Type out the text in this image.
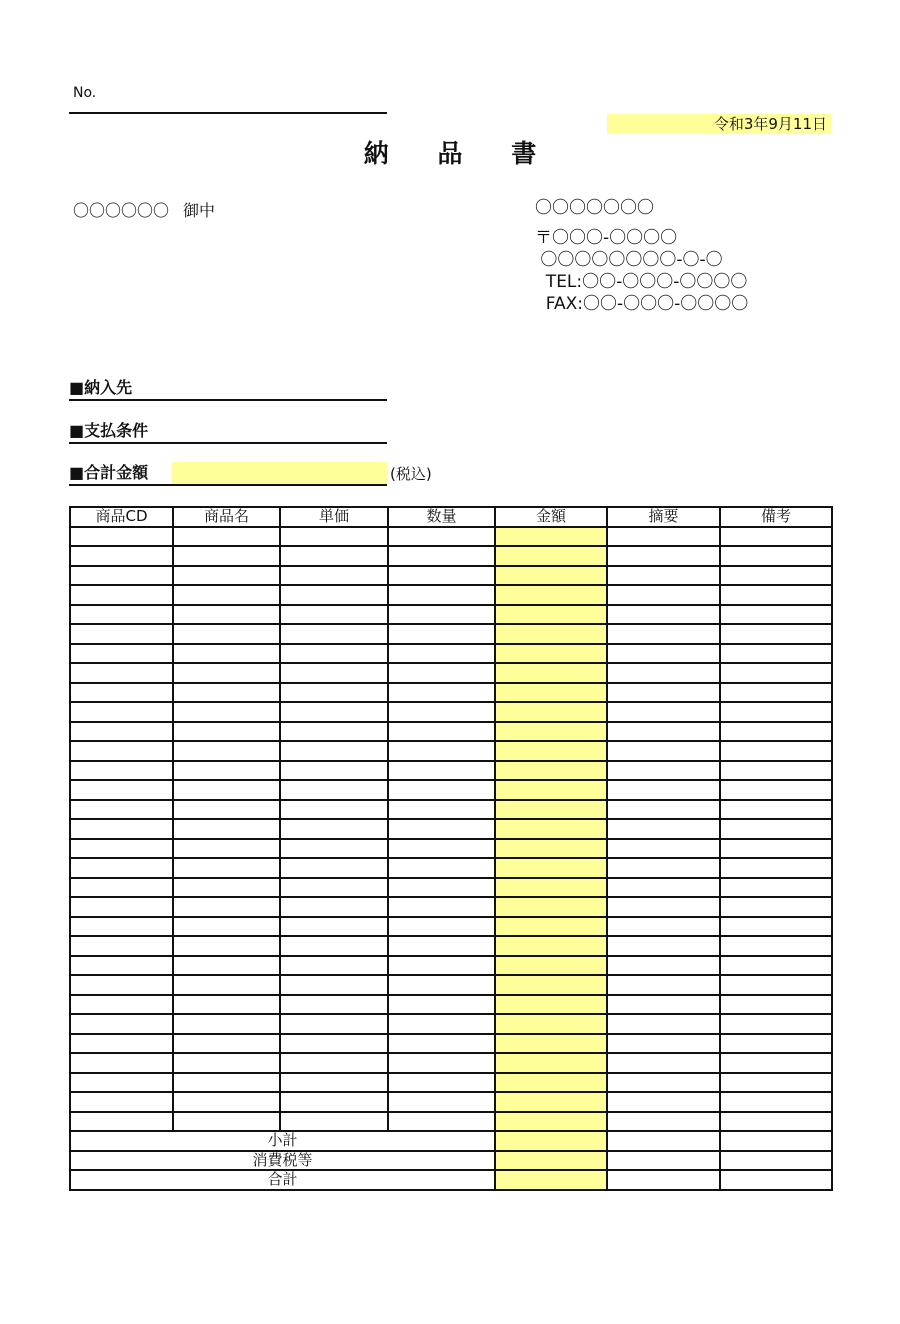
No.
令和3年9月11日
納 品 書
〇〇〇〇〇〇 御中	〇〇〇〇〇〇〇
〒〇〇〇-〇〇〇〇
〇〇〇〇〇〇〇〇-〇-〇
TEL:〇〇-〇〇〇-〇〇〇〇
FAX:〇〇-〇〇〇-〇〇〇〇
■納入先
■支払条件
■合計金額	(税込)
商品CD	商品名	単価	数量	金額	摘要	備考

小計						
消費税等						
合計						
